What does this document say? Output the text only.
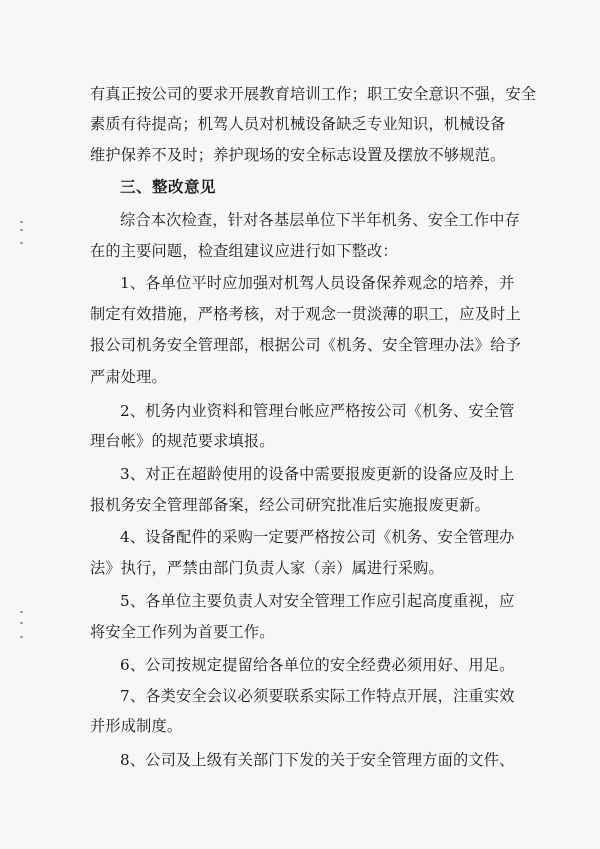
有真正按公司的要求开展教育培训工作；职工安全意识不强，安全
素质有待提高；机驾人员对机械设备缺乏专业知识，机械设备
维护保养不及时；养护现场的安全标志设置及摆放不够规范。
三、整改意见
综合本次检查，针对各基层单位下半年机务、安全工作中存
在的主要问题，检查组建议应进行如下整改：
1、各单位平时应加强对机驾人员设备保养观念的培养，并
制定有效措施，严格考核，对于观念一贯淡薄的职工，应及时上
报公司机务安全管理部，根据公司《机务、安全管理办法》给予
严肃处理。
2、机务内业资料和管理台帐应严格按公司《机务、安全管
理台帐》的规范要求填报。
3、对正在超龄使用的设备中需要报废更新的设备应及时上
报机务安全管理部备案，经公司研究批准后实施报废更新。
4、设备配件的采购一定要严格按公司《机务、安全管理办
法》执行，严禁由部门负责人家（亲）属进行采购。
5、各单位主要负责人对安全管理工作应引起高度重视，应
将安全工作列为首要工作。
6、公司按规定提留给各单位的安全经费必须用好、用足。
7、各类安全会议必须要联系实际工作特点开展，注重实效
并形成制度。
8、公司及上级有关部门下发的关于安全管理方面的文件、
